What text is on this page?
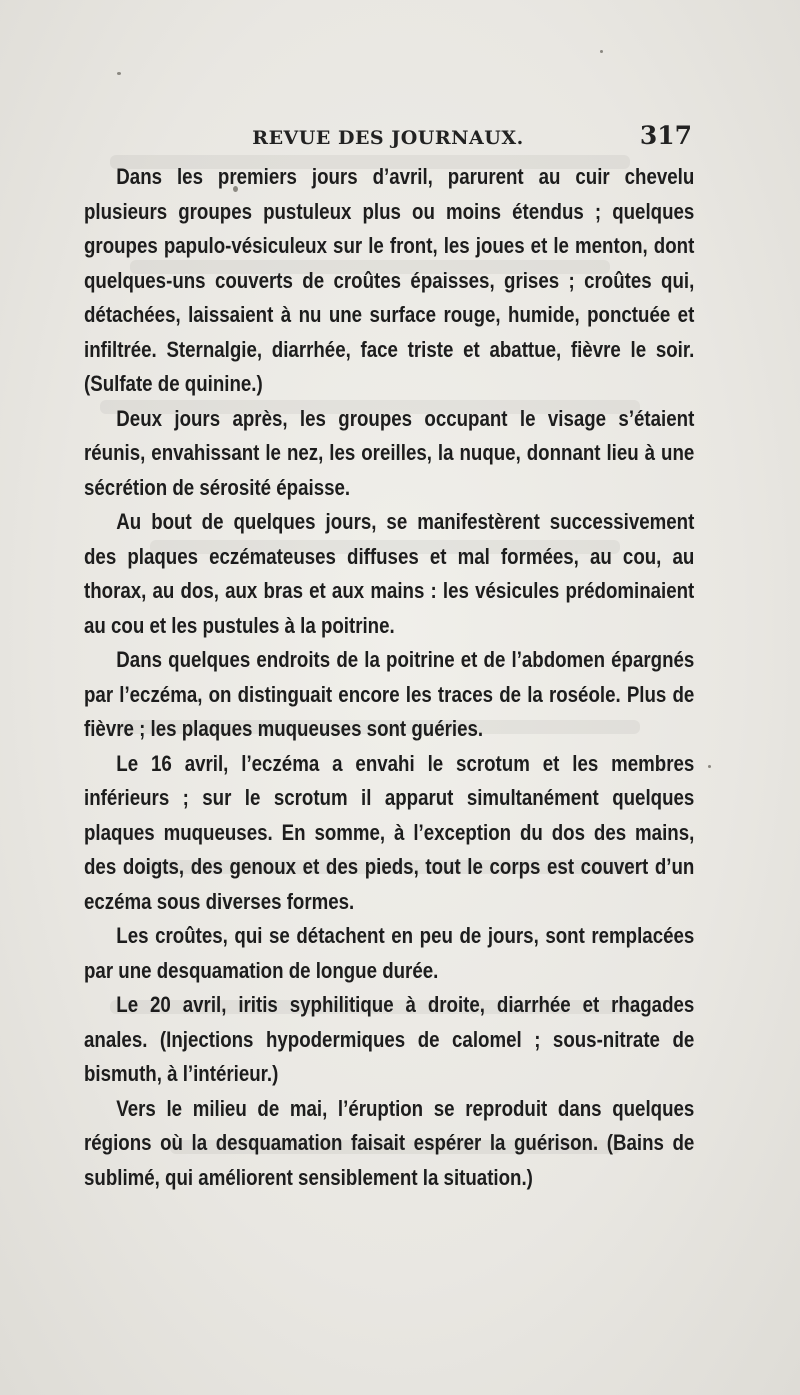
REVUE DES JOURNAUX.	317

Dans les premiers jours d’avril, parurent au cuir chevelu plusieurs groupes pustuleux plus ou moins étendus ; quelques groupes papulo-vésiculeux sur le front, les joues et le menton, dont quelques-uns couverts de croûtes épaisses, grises ; croûtes qui, détachées, laissaient à nu une surface rouge, humide, ponctuée et infiltrée. Sternalgie, diarrhée, face triste et abattue, fièvre le soir. (Sulfate de quinine.)

Deux jours après, les groupes occupant le visage s’étaient réunis, envahissant le nez, les oreilles, la nuque, donnant lieu à une sécrétion de sérosité épaisse.

Au bout de quelques jours, se manifestèrent successivement des plaques eczémateuses diffuses et mal formées, au cou, au thorax, au dos, aux bras et aux mains : les vésicules prédominaient au cou et les pustules à la poitrine.

Dans quelques endroits de la poitrine et de l’abdomen épargnés par l’eczéma, on distinguait encore les traces de la roséole. Plus de fièvre ; les plaques muqueuses sont guéries.

Le 16 avril, l’eczéma a envahi le scrotum et les membres inférieurs ; sur le scrotum il apparut simultanément quelques plaques muqueuses. En somme, à l’exception du dos des mains, des doigts, des genoux et des pieds, tout le corps est couvert d’un eczéma sous diverses formes.

Les croûtes, qui se détachent en peu de jours, sont remplacées par une desquamation de longue durée.

Le 20 avril, iritis syphilitique à droite, diarrhée et rhagades anales. (Injections hypodermiques de calomel ; sous-nitrate de bismuth, à l’intérieur.)

Vers le milieu de mai, l’éruption se reproduit dans quelques régions où la desquamation faisait espérer la guérison. (Bains de sublimé, qui améliorent sensiblement la situation.)
